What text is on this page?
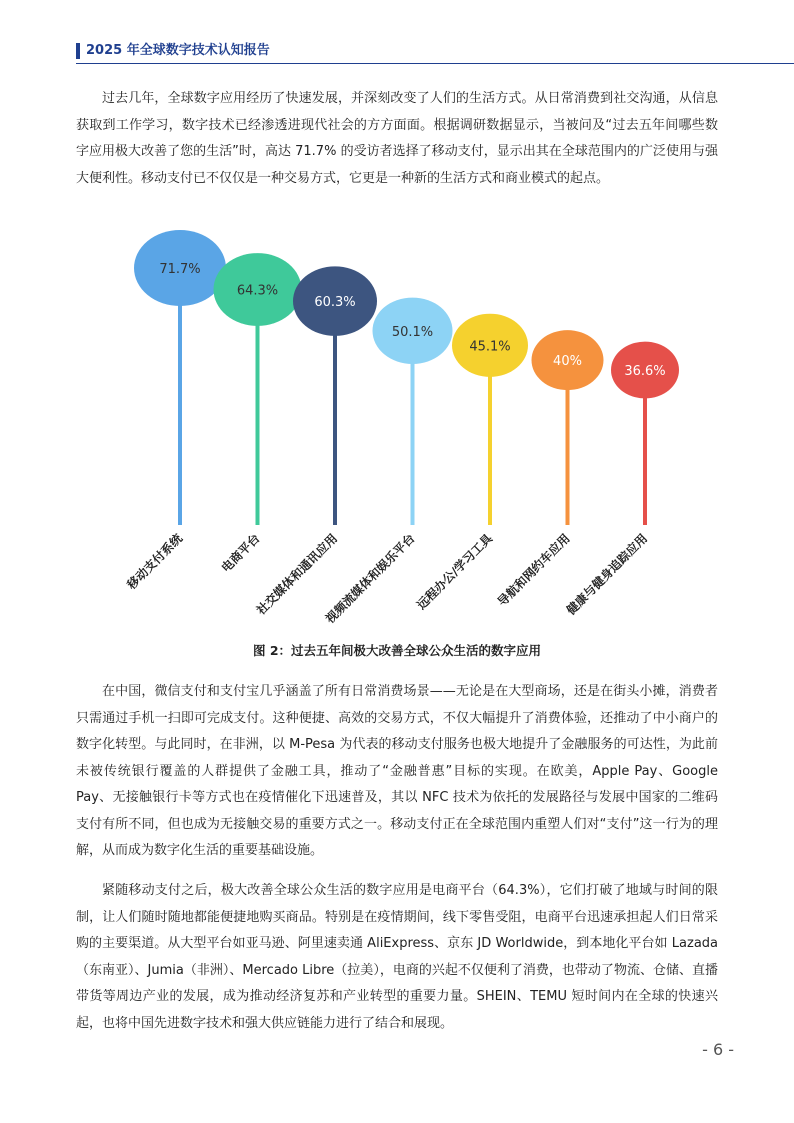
2025 年全球数字技术认知报告

过去几年，全球数字应用经历了快速发展，并深刻改变了人们的生活方式。从日常消费到社交沟通，从信息获取到工作学习，数字技术已经渗透进现代社会的方方面面。根据调研数据显示，当被问及“过去五年间哪些数字应用极大改善了您的生活”时，高达 71.7% 的受访者选择了移动支付，显示出其在全球范围内的广泛使用与强大便利性。移动支付已不仅仅是一种交易方式，它更是一种新的生活方式和商业模式的起点。

71.7%
移动支付系统
64.3%
电商平台
60.3%
社交媒体和通讯应用
50.1%
视频流媒体和娱乐平台
45.1%
远程办公/学习工具
40%
导航和网约车应用
36.6%
健康与健身追踪应用
图 2：过去五年间极大改善全球公众生活的数字应用

在中国，微信支付和支付宝几乎涵盖了所有日常消费场景——无论是在大型商场，还是在街头小摊，消费者只需通过手机一扫即可完成支付。这种便捷、高效的交易方式，不仅大幅提升了消费体验，还推动了中小商户的数字化转型。与此同时，在非洲，以 M-Pesa 为代表的移动支付服务也极大地提升了金融服务的可达性，为此前未被传统银行覆盖的人群提供了金融工具，推动了“金融普惠”目标的实现。在欧美，Apple Pay、Google Pay、无接触银行卡等方式也在疫情催化下迅速普及，其以 NFC 技术为依托的发展路径与发展中国家的二维码支付有所不同，但也成为无接触交易的重要方式之一。移动支付正在全球范围内重塑人们对“支付”这一行为的理解，从而成为数字化生活的重要基础设施。

紧随移动支付之后，极大改善全球公众生活的数字应用是电商平台（64.3%），它们打破了地域与时间的限制，让人们随时随地都能便捷地购买商品。特别是在疫情期间，线下零售受阻，电商平台迅速承担起人们日常采购的主要渠道。从大型平台如亚马逊、阿里速卖通 AliExpress、京东 JD Worldwide，到本地化平台如 Lazada（东南亚）、Jumia（非洲）、Mercado Libre（拉美），电商的兴起不仅便利了消费，也带动了物流、仓储、直播带货等周边产业的发展，成为推动经济复苏和产业转型的重要力量。SHEIN、TEMU 短时间内在全球的快速兴起，也将中国先进数字技术和强大供应链能力进行了结合和展现。

- 6 -
